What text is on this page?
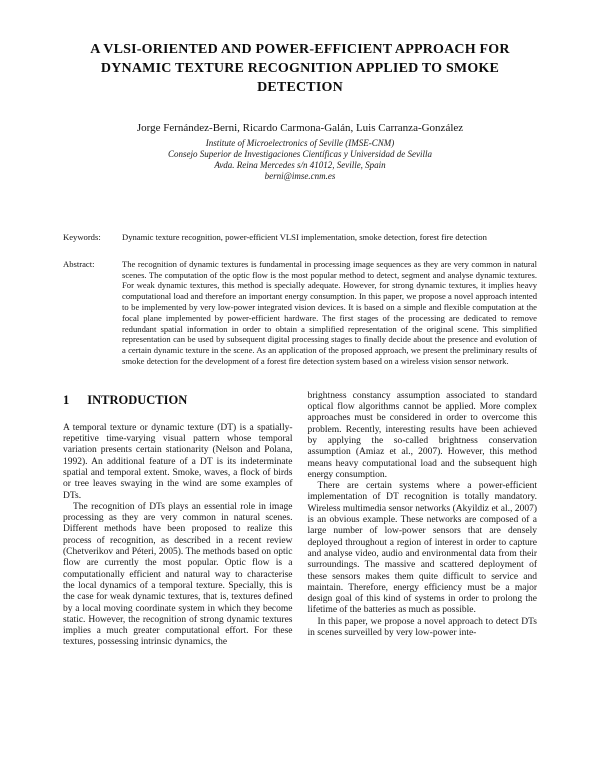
A VLSI-ORIENTED AND POWER-EFFICIENT APPROACH FOR DYNAMIC TEXTURE RECOGNITION APPLIED TO SMOKE DETECTION
Jorge Fernández-Berni, Ricardo Carmona-Galán, Luis Carranza-González
Institute of Microelectronics of Seville (IMSE-CNM)
Consejo Superior de Investigaciones Científicas y Universidad de Sevilla
Avda. Reina Mercedes s/n 41012, Seville, Spain
berni@imse.cnm.es
Keywords:	Dynamic texture recognition, power-efficient VLSI implementation, smoke detection, forest fire detection
Abstract:	The recognition of dynamic textures is fundamental in processing image sequences as they are very common in natural scenes. The computation of the optic flow is the most popular method to detect, segment and analyse dynamic textures. For weak dynamic textures, this method is specially adequate. However, for strong dynamic textures, it implies heavy computational load and therefore an important energy consumption. In this paper, we propose a novel approach intented to be implemented by very low-power integrated vision devices. It is based on a simple and flexible computation at the focal plane implemented by power-efficient hardware. The first stages of the processing are dedicated to remove redundant spatial information in order to obtain a simplified representation of the original scene. This simplified representation can be used by subsequent digital processing stages to finally decide about the presence and evolution of a certain dynamic texture in the scene. As an application of the proposed approach, we present the preliminary results of smoke detection for the development of a forest fire detection system based on a wireless vision sensor network.
1 INTRODUCTION

A temporal texture or dynamic texture (DT) is a spatially-repetitive time-varying visual pattern whose temporal variation presents certain stationarity (Nelson and Polana, 1992). An additional feature of a DT is its indeterminate spatial and temporal extent. Smoke, waves, a flock of birds or tree leaves swaying in the wind are some examples of DTs.

The recognition of DTs plays an essential role in image processing as they are very common in natural scenes. Different methods have been proposed to realize this process of recognition, as described in a recent review (Chetverikov and Péteri, 2005). The methods based on optic flow are currently the most popular. Optic flow is a computationally efficient and natural way to characterise the local dynamics of a temporal texture. Specially, this is the case for weak dynamic textures, that is, textures defined by a local moving coordinate system in which they become static. However, the recognition of strong dynamic textures implies a much greater computational effort. For these textures, possessing intrinsic dynamics, the

brightness constancy assumption associated to standard optical flow algorithms cannot be applied. More complex approaches must be considered in order to overcome this problem. Recently, interesting results have been achieved by applying the so-called brightness conservation assumption (Amiaz et al., 2007). However, this method means heavy computational load and the subsequent high energy consumption.

There are certain systems where a power-efficient implementation of DT recognition is totally mandatory. Wireless multimedia sensor networks (Akyildiz et al., 2007) is an obvious example. These networks are composed of a large number of low-power sensors that are densely deployed throughout a region of interest in order to capture and analyse video, audio and environmental data from their surroundings. The massive and scattered deployment of these sensors makes them quite difficult to service and maintain. Therefore, energy efficiency must be a major design goal of this kind of systems in order to prolong the lifetime of the batteries as much as possible.

In this paper, we propose a novel approach to detect DTs in scenes surveilled by very low-power inte-
